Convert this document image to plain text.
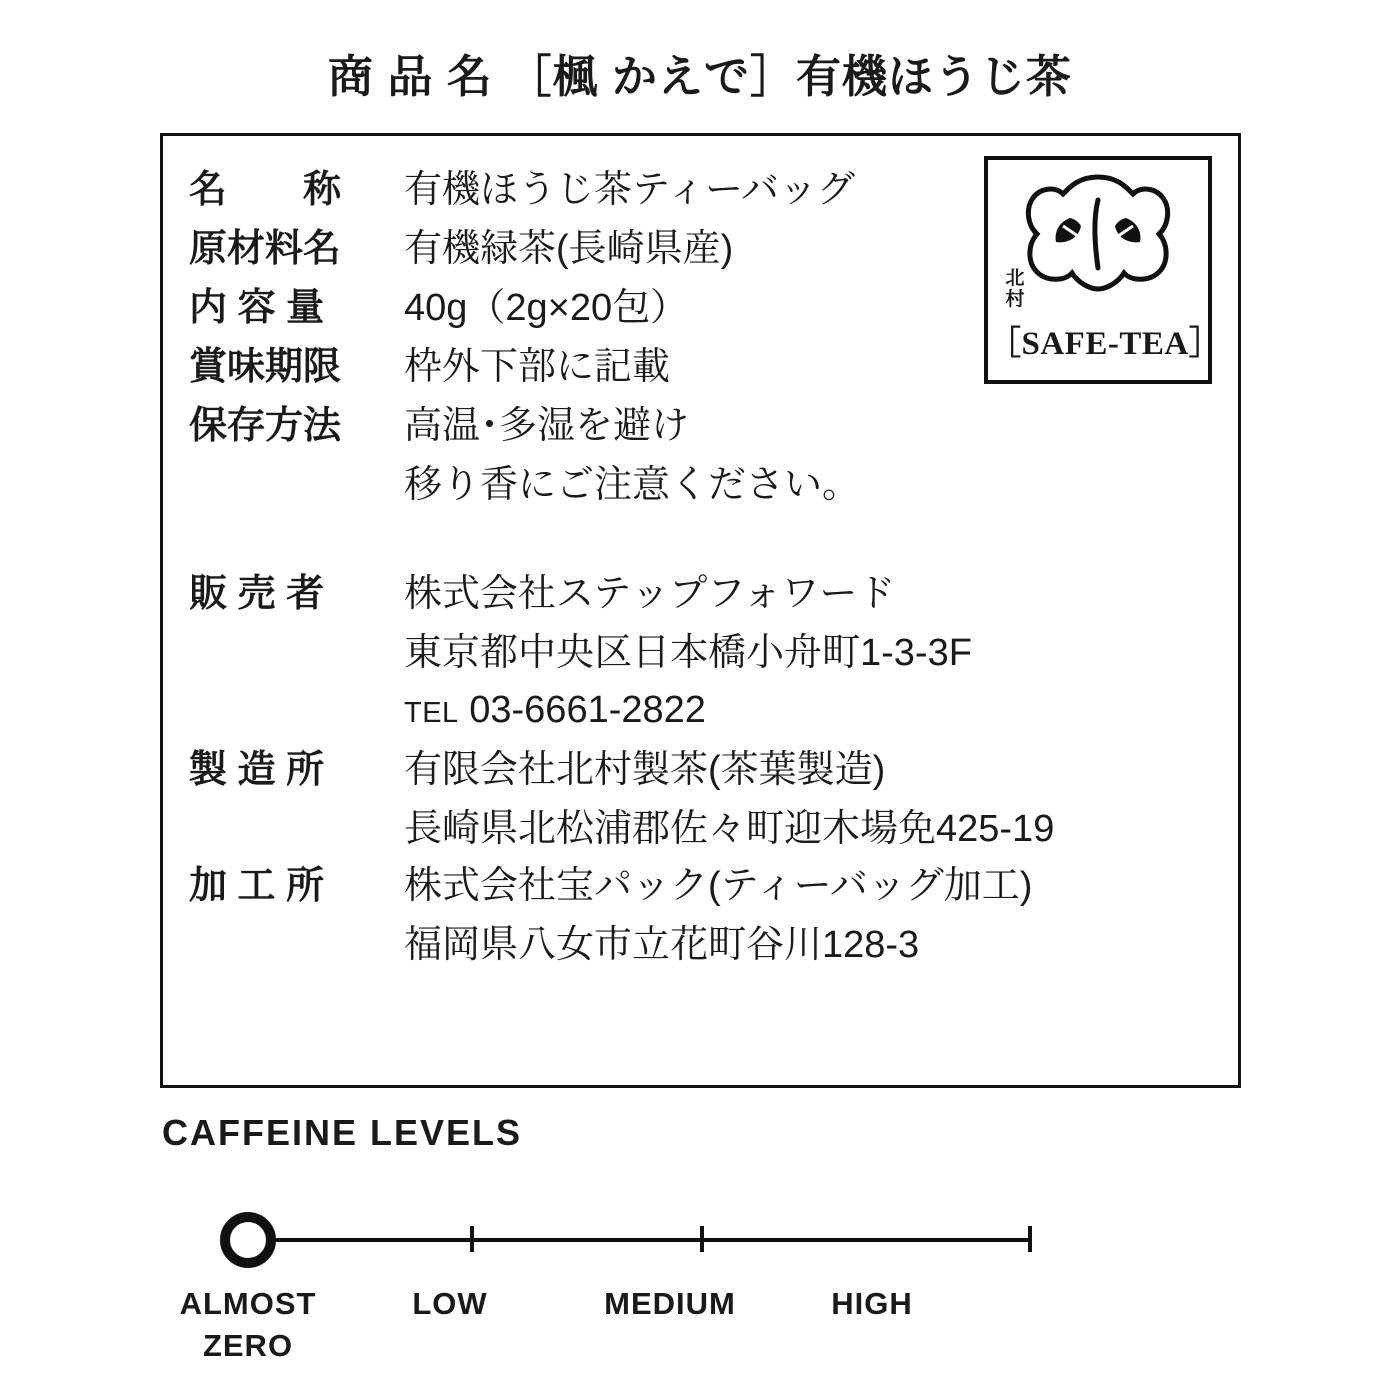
商 品 名 ［楓 かえで］有機ほうじ茶
名　　称	有機ほうじ茶ティーバッグ
原材料名	有機緑茶(長崎県産)
内 容 量	40g（2g×20包）
賞味期限	枠外下部に記載
保存方法	高温･多湿を避け
移り香にご注意ください。
販 売 者	株式会社ステップフォワード
東京都中央区日本橋小舟町1-3-3F
TEL 03-6661-2822
製 造 所	有限会社北村製茶(茶葉製造)
長崎県北松浦郡佐々町迎木場免425-19
加 工 所	株式会社宝パック(ティーバッグ加工)
福岡県八女市立花町谷川128-3
北村
［SAFE-TEA］
CAFFEINE LEVELS
ALMOST
ZERO
LOW	MEDIUM	HIGH
